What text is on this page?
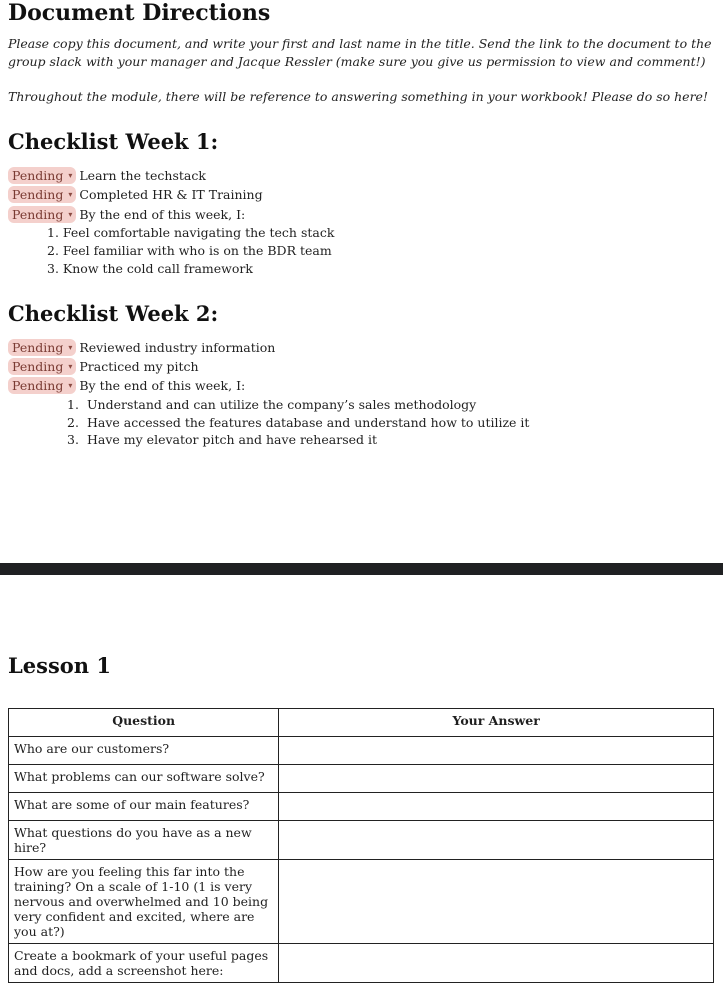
Document Directions

Please copy this document, and write your first and last name in the title. Send the link to the document to the group slack with your manager and Jacque Ressler (make sure you give us permission to view and comment!)

Throughout the module, there will be reference to answering something in your workbook! Please do so here!

Checklist Week 1:
Pending ▾ Learn the techstack
Pending ▾ Completed HR & IT Training
Pending ▾ By the end of this week, I:
1. Feel comfortable navigating the tech stack
2. Feel familiar with who is on the BDR team
3. Know the cold call framework
Checklist Week 2:
Pending ▾ Reviewed industry information
Pending ▾ Practiced my pitch
Pending ▾ By the end of this week, I:
1. Understand and can utilize the company’s sales methodology
2. Have accessed the features database and understand how to utilize it
3. Have my elevator pitch and have rehearsed it
Lesson 1
Question	Your Answer
Who are our customers?	
What problems can our software solve?	
What are some of our main features?	
What questions do you have as a new hire?	
How are you feeling this far into the training? On a scale of 1-10 (1 is very nervous and overwhelmed and 10 being very confident and excited, where are you at?)	
Create a bookmark of your useful pages and docs, add a screenshot here:	
